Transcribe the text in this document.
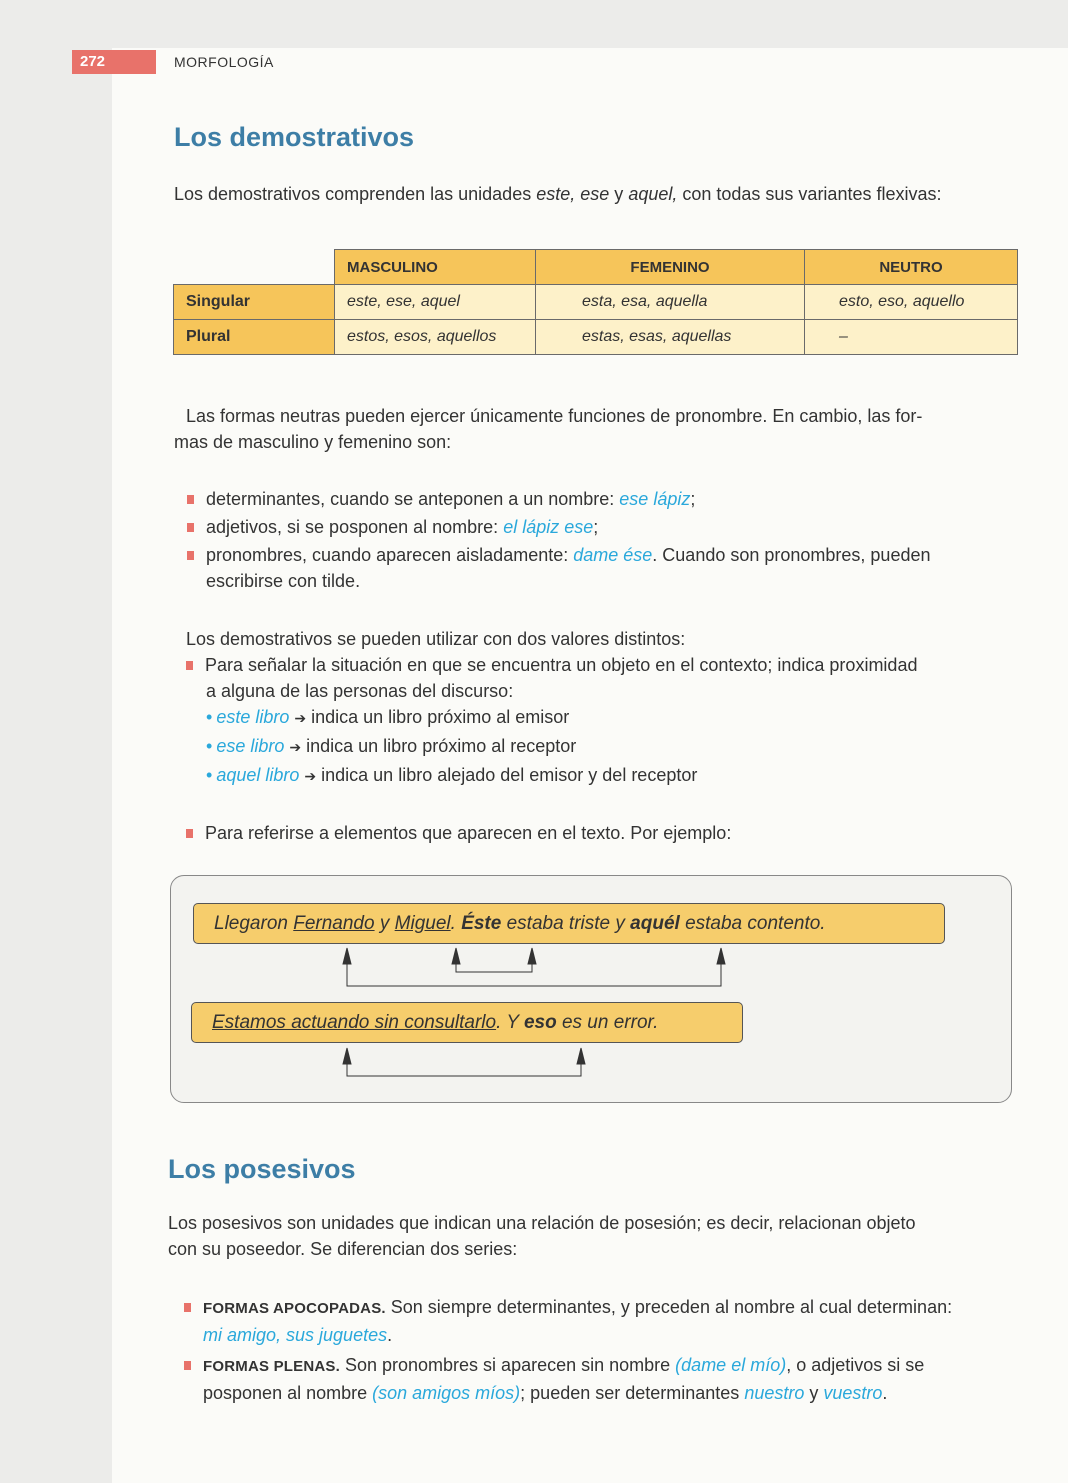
272	MORFOLOGÍA
Los demostrativos
Los demostrativos comprenden las unidades este, ese y aquel, con todas sus variantes flexivas:
	MASCULINO	FEMENINO	NEUTRO
Singular	este, ese, aquel	esta, esa, aquella	esto, eso, aquello
Plural	estos, esos, aquellos	estas, esas, aquellas	–
Las formas neutras pueden ejercer únicamente funciones de pronombre. En cambio, las for-
mas de masculino y femenino son:
determinantes, cuando se anteponen a un nombre: ese lápiz;
adjetivos, si se posponen al nombre: el lápiz ese;
pronombres, cuando aparecen aisladamente: dame ése. Cuando son pronombres, pueden
escribirse con tilde.
Los demostrativos se pueden utilizar con dos valores distintos:
Para señalar la situación en que se encuentra un objeto en el contexto; indica proximidad
a alguna de las personas del discurso:
• este libro ➔ indica un libro próximo al emisor
• ese libro ➔ indica un libro próximo al receptor
• aquel libro ➔ indica un libro alejado del emisor y del receptor
Para referirse a elementos que aparecen en el texto. Por ejemplo:
Llegaron Fernando y Miguel. Éste estaba triste y aquél estaba contento.
Estamos actuando sin consultarlo. Y eso es un error.
Los posesivos
Los posesivos son unidades que indican una relación de posesión; es decir, relacionan objeto
con su poseedor. Se diferencian dos series:
FORMAS APOCOPADAS. Son siempre determinantes, y preceden al nombre al cual determinan:
mi amigo, sus juguetes.
FORMAS PLENAS. Son pronombres si aparecen sin nombre (dame el mío), o adjetivos si se
posponen al nombre (son amigos míos); pueden ser determinantes nuestro y vuestro.
